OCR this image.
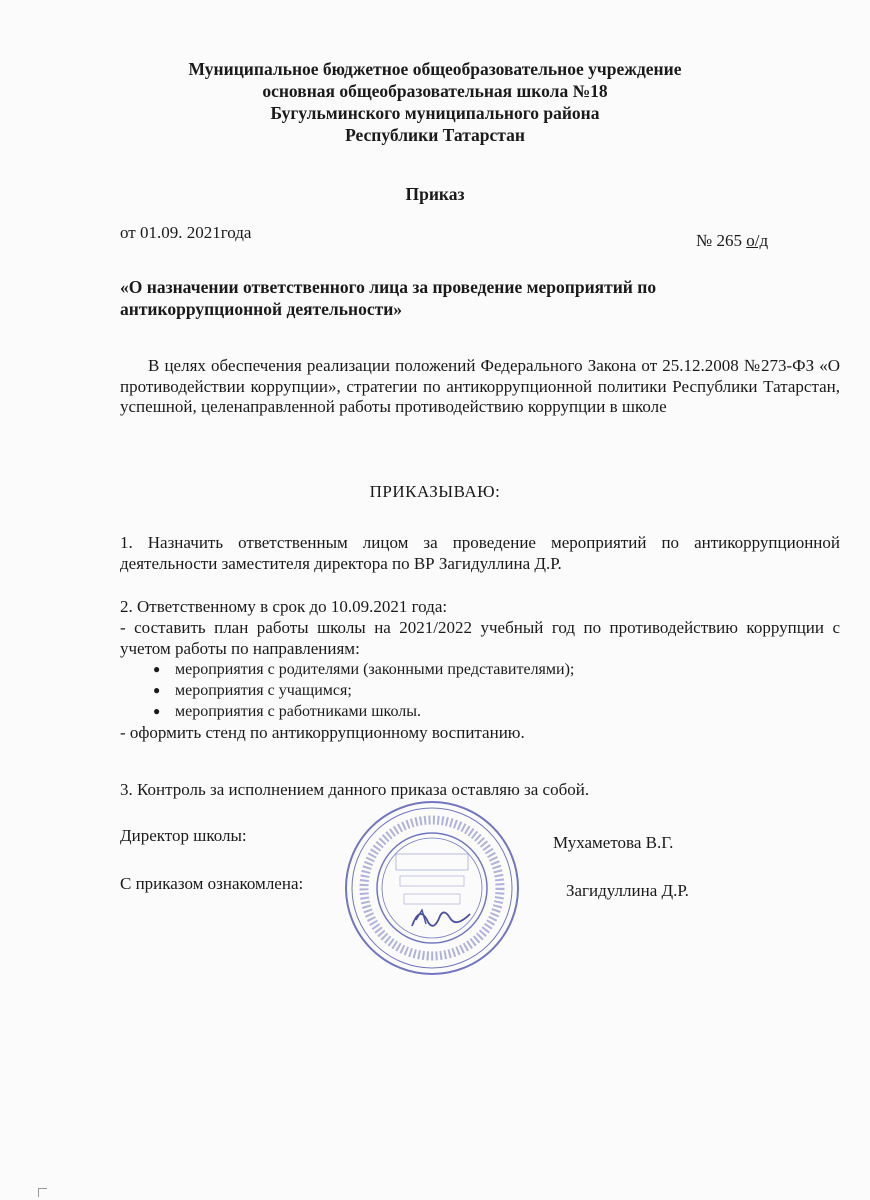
Муниципальное бюджетное общеобразовательное учреждение
основная общеобразовательная школа №18
Бугульминского муниципального района
Республики Татарстан
Приказ
от 01.09. 2021года	№ 265 о/д
«О назначении ответственного лица за проведение мероприятий по
антикоррупционной деятельности»
В целях обеспечения реализации положений Федерального Закона от 25.12.2008 №273-ФЗ «О противодействии коррупции», стратегии по антикоррупционной политики Республики Татарстан, успешной, целенаправленной работы противодействию коррупции в школе
ПРИКАЗЫВАЮ:
1. Назначить ответственным лицом за проведение мероприятий по антикоррупционной деятельности заместителя директора по ВР Загидуллина Д.Р.
2. Ответственному в срок до 10.09.2021 года:
- составить план работы школы на 2021/2022 учебный год по противодействию коррупции с учетом работы по направлениям:
● мероприятия с родителями (законными представителями);
● мероприятия с учащимся;
● мероприятия с работниками школы.
- оформить стенд по антикоррупционному воспитанию.
3. Контроль за исполнением данного приказа оставляю за собой.
Директор школы:	Мухаметова В.Г.
С приказом ознакомлена:	Загидуллина Д.Р.
